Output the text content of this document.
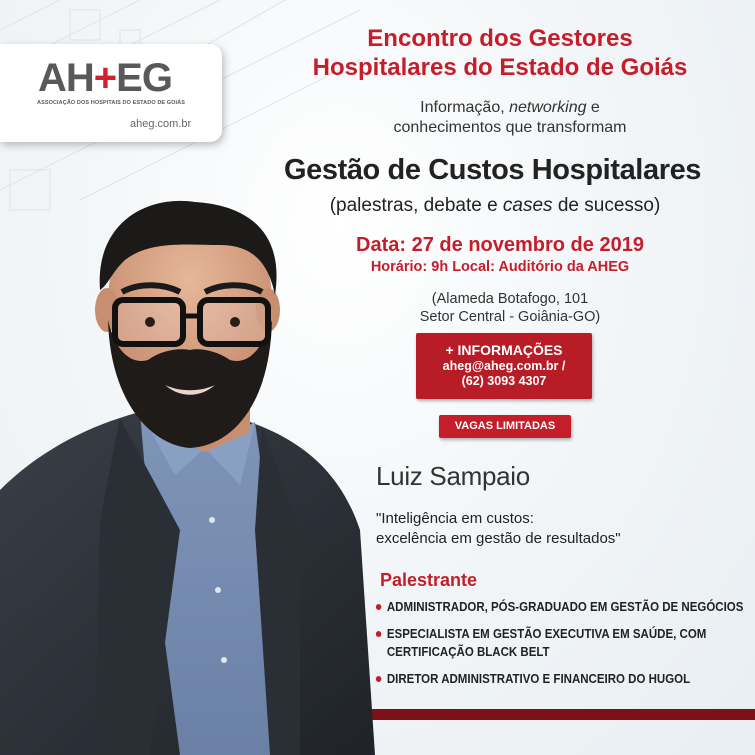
AH+EG
ASSOCIAÇÃO DOS HOSPITAIS DO ESTADO DE GOIÁS
aheg.com.br
Encontro dos Gestores
Hospitalares do Estado de Goiás
Informação, networking e
conhecimentos que transformam
Gestão de Custos Hospitalares
(palestras, debate e cases de sucesso)
Data: 27 de novembro de 2019
Horário: 9h Local: Auditório da AHEG
(Alameda Botafogo, 101
Setor Central - Goiânia-GO)
+ INFORMAÇÕES
aheg@aheg.com.br /
(62) 3093 4307
VAGAS LIMITADAS
Luiz Sampaio
"Inteligência em custos:
excelência em gestão de resultados"
Palestrante
ADMINISTRADOR, PÓS-GRADUADO EM GESTÃO DE NEGÓCIOS
ESPECIALISTA EM GESTÃO EXECUTIVA EM SAÚDE, COM CERTIFICAÇÃO BLACK BELT
DIRETOR ADMINISTRATIVO E FINANCEIRO DO HUGOL
